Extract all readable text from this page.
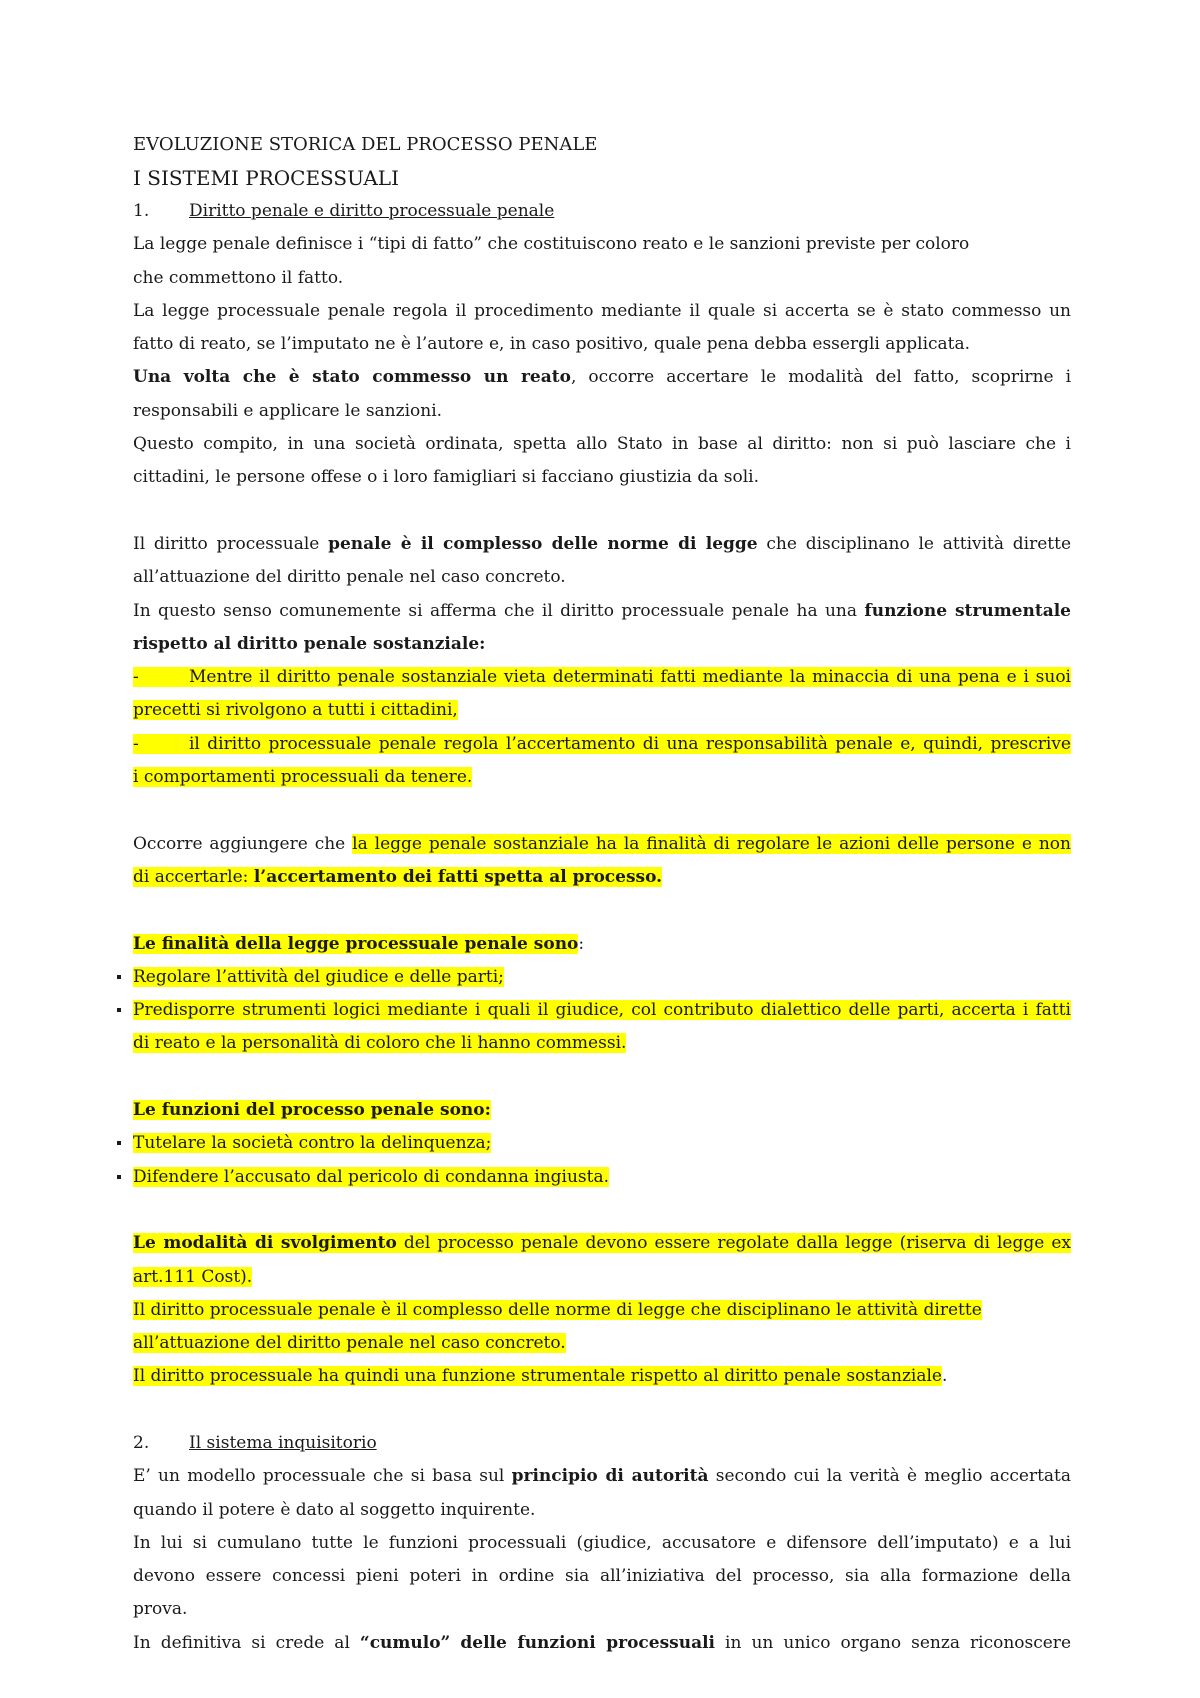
EVOLUZIONE STORICA DEL PROCESSO PENALE
I SISTEMI PROCESSUALI
1. Diritto penale e diritto processuale penale
La legge penale definisce i “tipi di fatto” che costituiscono reato e le sanzioni previste per coloro
che commettono il fatto.
La legge processuale penale regola il procedimento mediante il quale si accerta se è stato commesso un
fatto di reato, se l’imputato ne è l’autore e, in caso positivo, quale pena debba essergli applicata.
Una volta che è stato commesso un reato, occorre accertare le modalità del fatto, scoprirne i
responsabili e applicare le sanzioni.
Questo compito, in una società ordinata, spetta allo Stato in base al diritto: non si può lasciare che i
cittadini, le persone offese o i loro famigliari si facciano giustizia da soli.
Il diritto processuale penale è il complesso delle norme di legge che disciplinano le attività dirette
all’attuazione del diritto penale nel caso concreto.
In questo senso comunemente si afferma che il diritto processuale penale ha una funzione strumentale
rispetto al diritto penale sostanziale:
-	Mentre il diritto penale sostanziale vieta determinati fatti mediante la minaccia di una pena e i suoi
precetti si rivolgono a tutti i cittadini,
-	il diritto processuale penale regola l’accertamento di una responsabilità penale e, quindi, prescrive
i comportamenti processuali da tenere.
Occorre aggiungere che la legge penale sostanziale ha la finalità di regolare le azioni delle persone e non
di accertarle: l’accertamento dei fatti spetta al processo.
Le finalità della legge processuale penale sono:
Regolare l’attività del giudice e delle parti;
Predisporre strumenti logici mediante i quali il giudice, col contributo dialettico delle parti, accerta i fatti
di reato e la personalità di coloro che li hanno commessi.
Le funzioni del processo penale sono:
Tutelare la società contro la delinquenza;
Difendere l’accusato dal pericolo di condanna ingiusta.
Le modalità di svolgimento del processo penale devono essere regolate dalla legge (riserva di legge ex
art.111 Cost).
Il diritto processuale penale è il complesso delle norme di legge che disciplinano le attività dirette
all’attuazione del diritto penale nel caso concreto.
Il diritto processuale ha quindi una funzione strumentale rispetto al diritto penale sostanziale.
2. Il sistema inquisitorio
E’ un modello processuale che si basa sul principio di autorità secondo cui la verità è meglio accertata
quando il potere è dato al soggetto inquirente.
In lui si cumulano tutte le funzioni processuali (giudice, accusatore e difensore dell’imputato) e a lui
devono essere concessi pieni poteri in ordine sia all’iniziativa del processo, sia alla formazione della
prova.
In definitiva si crede al “cumulo” delle funzioni processuali in un unico organo senza riconoscere
